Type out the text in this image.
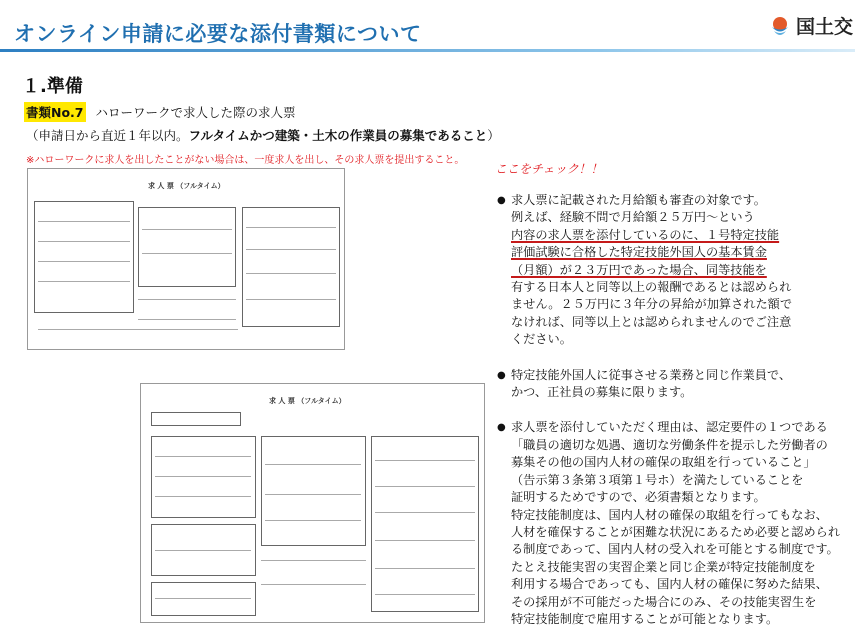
オンライン申請に必要な添付書類について	国土交
１.準備
書類No.7 ハローワークで求人した際の求人票
（申請日から直近１年以内。フルタイムかつ建築・土木の作業員の募集であること）
※ハローワークに求人を出したことがない場合は、一度求人を出し、その求人票を提出すること。
求 人 票 （フルタイム）
求 人 票 （フルタイム）
ここをチェック！！
● 求人票に記載された月給額も審査の対象です。
例えば、経験不問で月給額２５万円～という
内容の求人票を添付しているのに、１号特定技能
評価試験に合格した特定技能外国人の基本賃金
（月額）が２３万円であった場合、同等技能を
有する日本人と同等以上の報酬であるとは認められ
ません。２５万円に３年分の昇給が加算された額で
なければ、同等以上とは認められませんのでご注意
ください。
● 特定技能外国人に従事させる業務と同じ作業員で、
かつ、正社員の募集に限ります。
● 求人票を添付していただく理由は、認定要件の１つである
「職員の適切な処遇、適切な労働条件を提示した労働者の
募集その他の国内人材の確保の取組を行っていること」
（告示第３条第３項第１号ホ）を満たしていることを
証明するためですので、必須書類となります。
特定技能制度は、国内人材の確保の取組を行ってもなお、
人材を確保することが困難な状況にあるため必要と認められ
る制度であって、国内人材の受入れを可能とする制度です。
たとえ技能実習の実習企業と同じ企業が特定技能制度を
利用する場合であっても、国内人材の確保に努めた結果、
その採用が不可能だった場合にのみ、その技能実習生を
特定技能制度で雇用することが可能となります。
